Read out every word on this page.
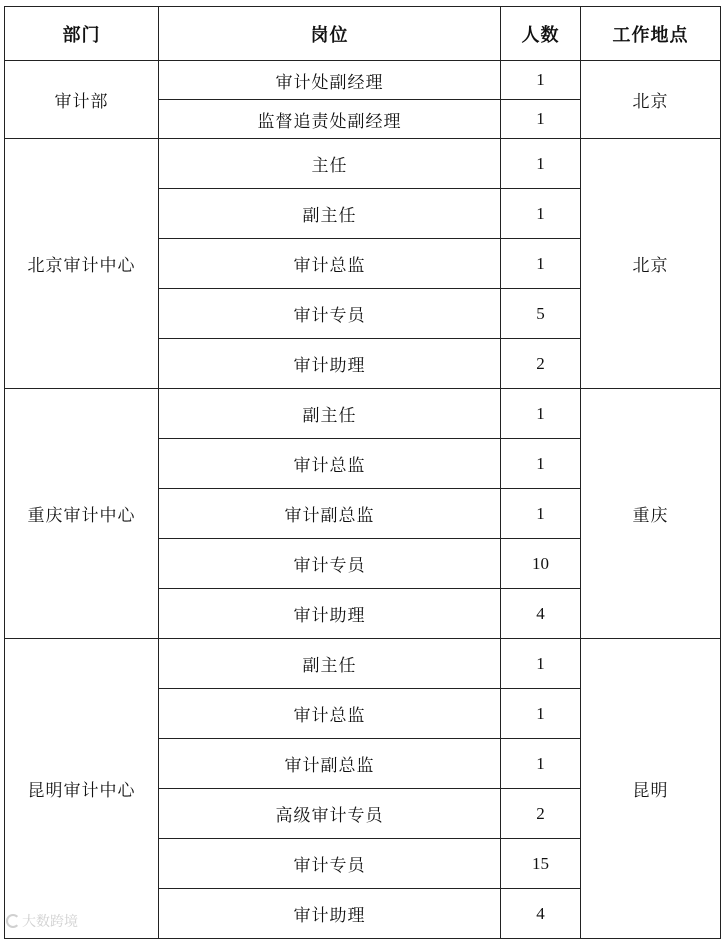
部门	岗位	人数	工作地点
审计部	审计处副经理	1	北京
	监督追责处副经理	1	
北京审计中心	主任	1	北京
	副主任	1	
	审计总监	1	
	审计专员	5	
	审计助理	2	
重庆审计中心	副主任	1	重庆
	审计总监	1	
	审计副总监	1	
	审计专员	10	
	审计助理	4	
昆明审计中心	副主任	1	昆明
	审计总监	1	
	审计副总监	1	
	高级审计专员	2	
	审计专员	15	
	审计助理	4	
大数跨境
